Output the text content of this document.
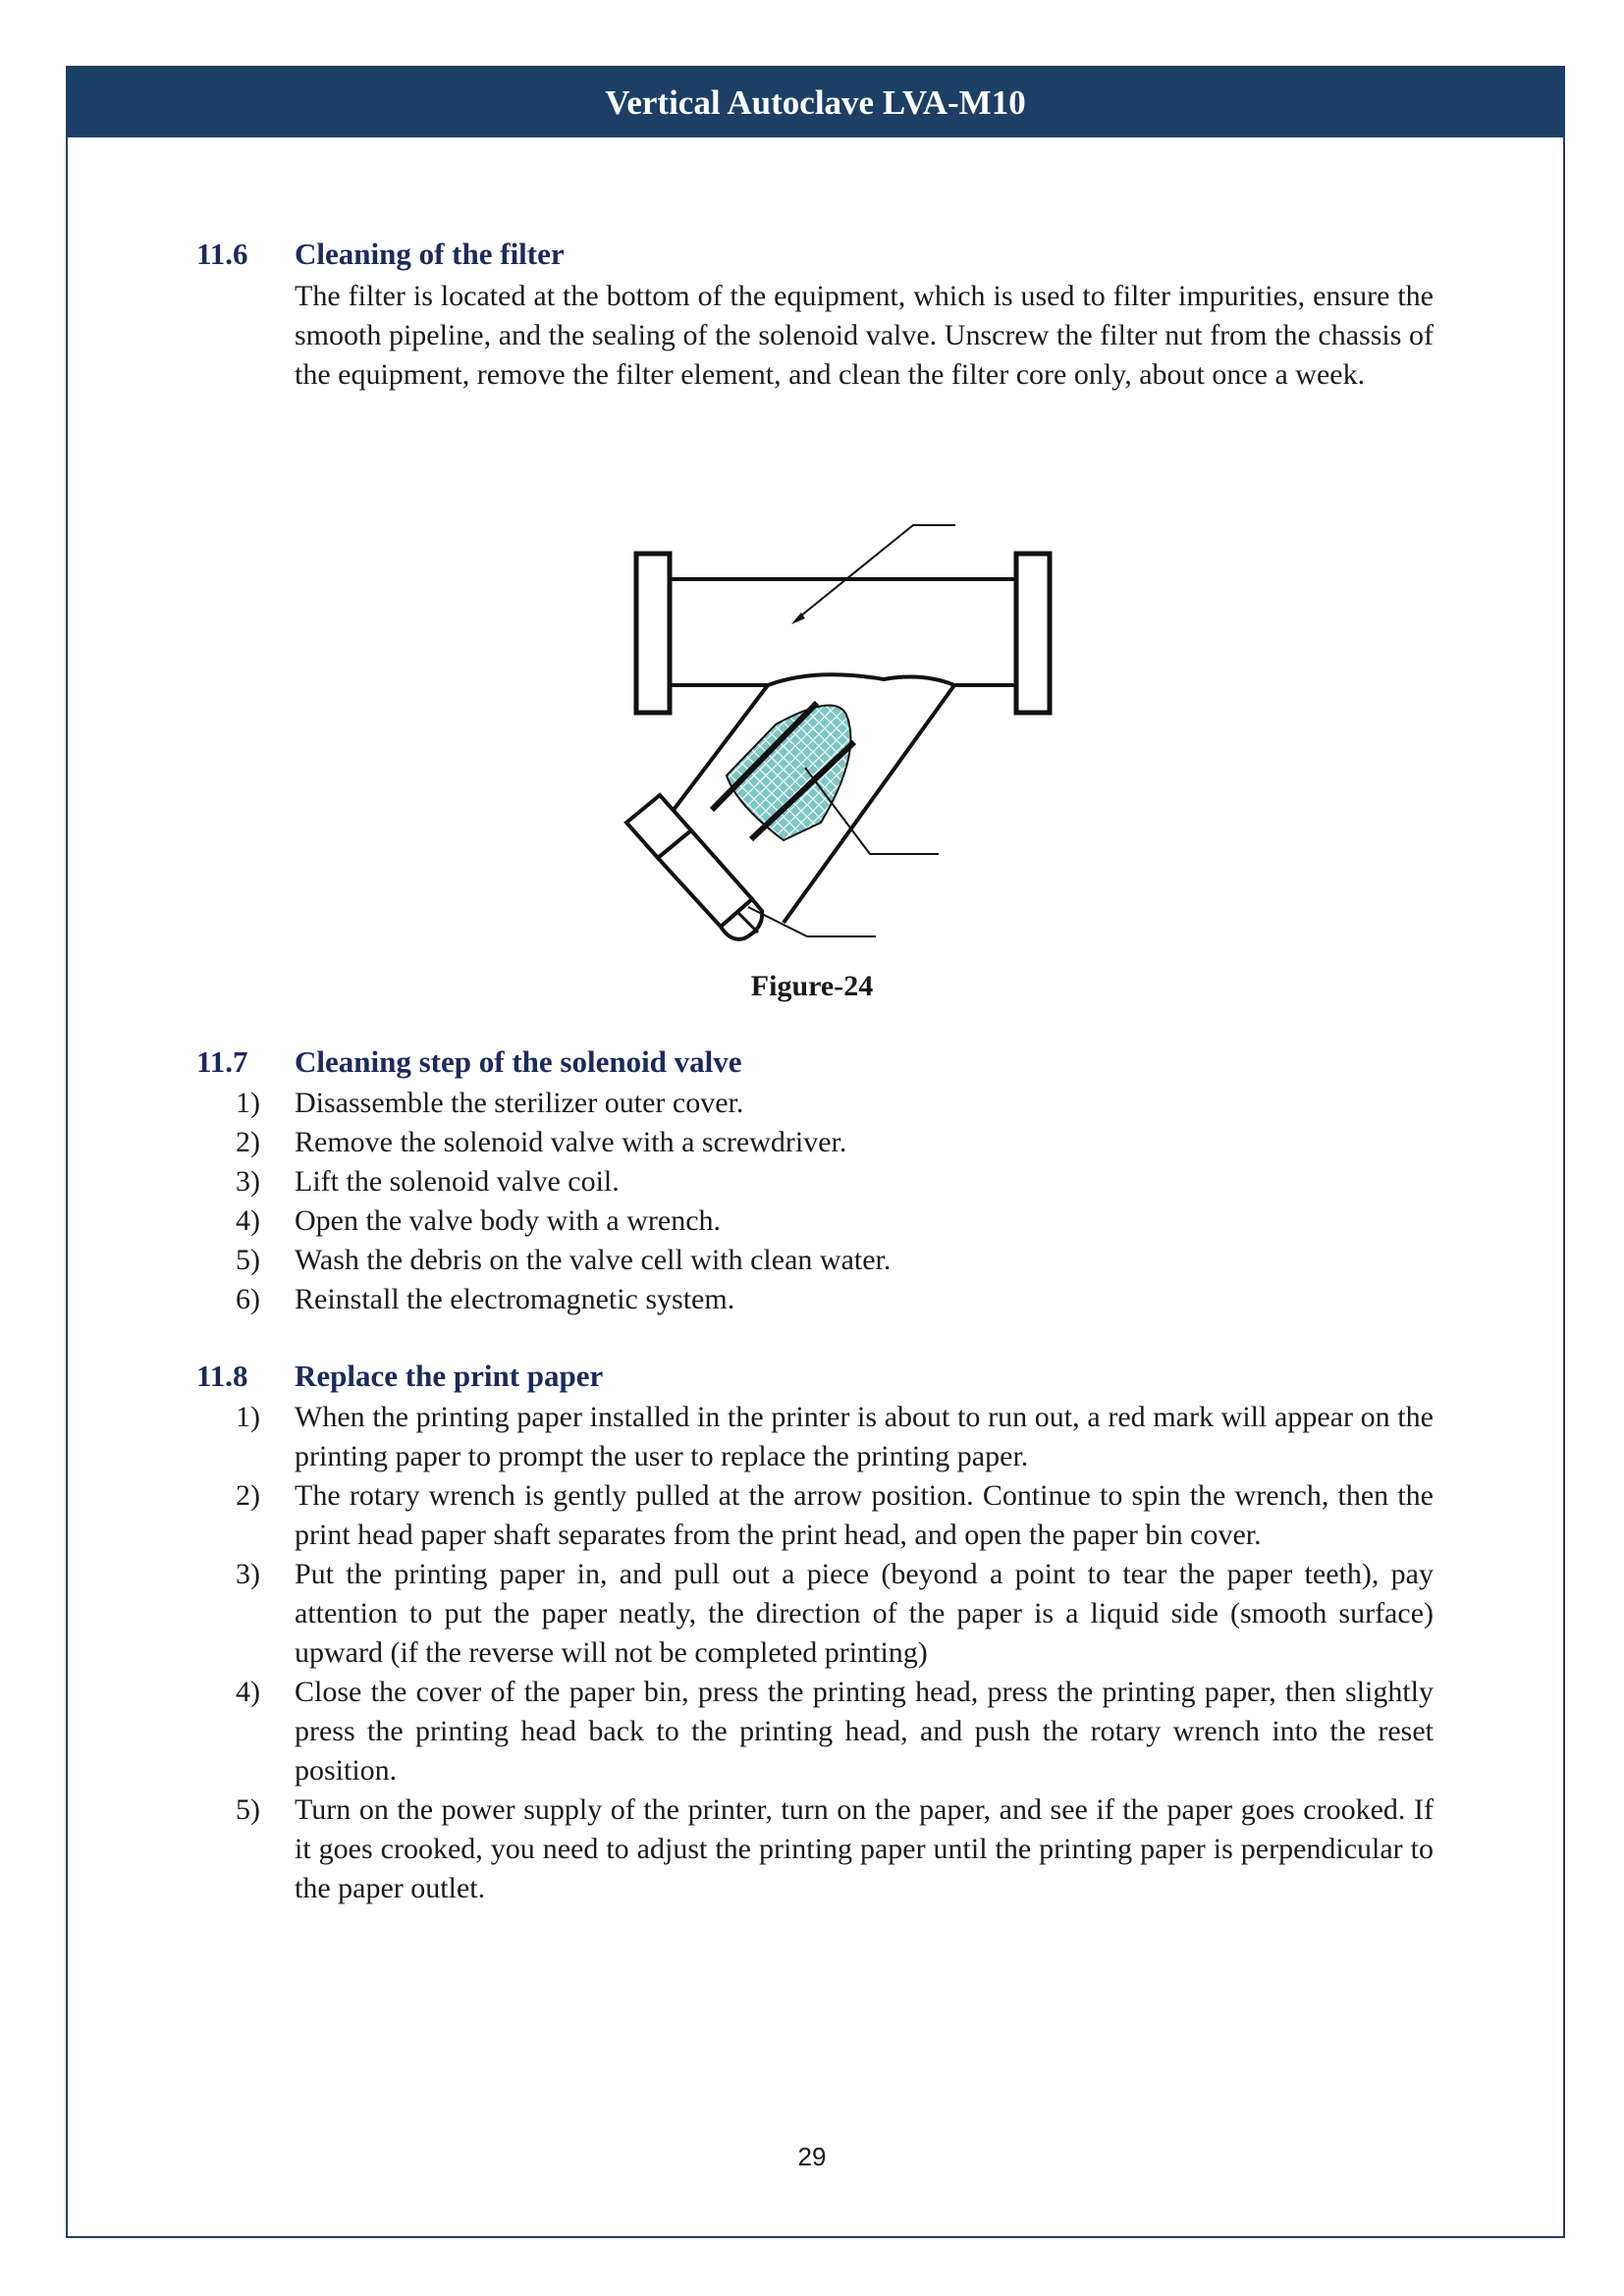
Vertical Autoclave LVA-M10
11.6 Cleaning of the filter
The filter is located at the bottom of the equipment, which is used to filter impurities, ensure the smooth pipeline, and the sealing of the solenoid valve. Unscrew the filter nut from the chassis of the equipment, remove the filter element, and clean the filter core only, about once a week.
Figure-24
11.7 Cleaning step of the solenoid valve
1)	Disassemble the sterilizer outer cover.
2)	Remove the solenoid valve with a screwdriver.
3)	Lift the solenoid valve coil.
4)	Open the valve body with a wrench.
5)	Wash the debris on the valve cell with clean water.
6)	Reinstall the electromagnetic system.
11.8 Replace the print paper
1)	When the printing paper installed in the printer is about to run out, a red mark will appear on the printing paper to prompt the user to replace the printing paper.
2)	The rotary wrench is gently pulled at the arrow position. Continue to spin the wrench, then the print head paper shaft separates from the print head, and open the paper bin cover.
3)	Put the printing paper in, and pull out a piece (beyond a point to tear the paper teeth), pay attention to put the paper neatly, the direction of the paper is a liquid side (smooth surface) upward (if the reverse will not be completed printing)
4)	Close the cover of the paper bin, press the printing head, press the printing paper, then slightly press the printing head back to the printing head, and push the rotary wrench into the reset position.
5)	Turn on the power supply of the printer, turn on the paper, and see if the paper goes crooked. If it goes crooked, you need to adjust the printing paper until the printing paper is perpendicular to the paper outlet.
29
